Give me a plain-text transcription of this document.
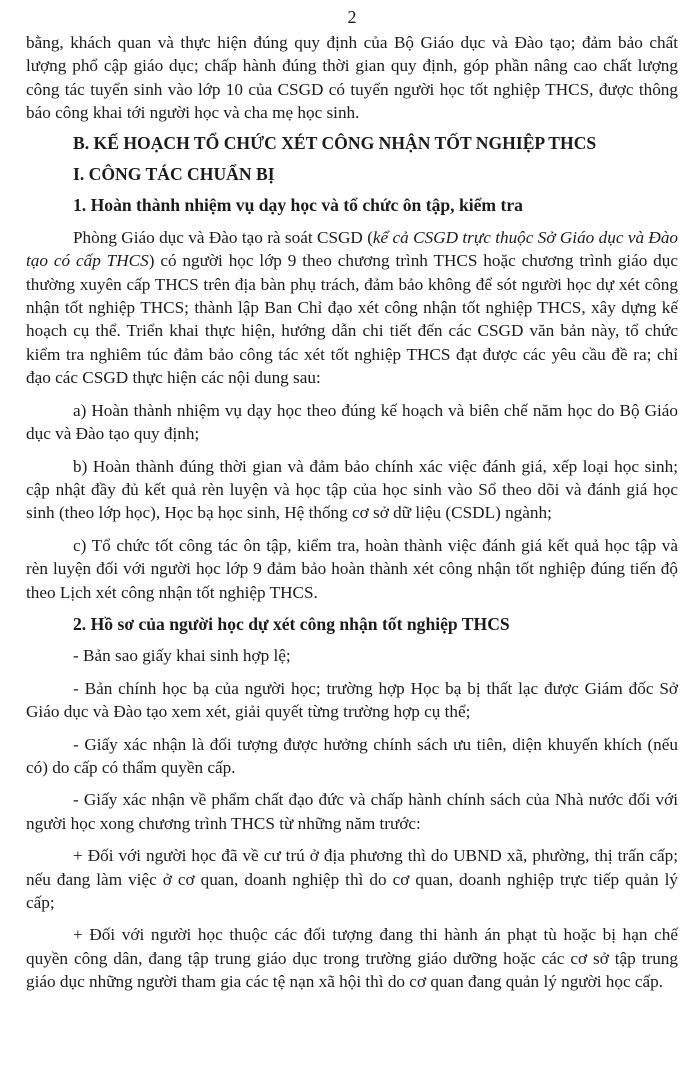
2

bằng, khách quan và thực hiện đúng quy định của Bộ Giáo dục và Đào tạo; đảm bảo chất lượng phổ cập giáo dục; chấp hành đúng thời gian quy định, góp phần nâng cao chất lượng công tác tuyển sinh vào lớp 10 của CSGD có tuyển người học tốt nghiệp THCS, được thông báo công khai tới người học và cha mẹ học sinh.

B. KẾ HOẠCH TỔ CHỨC XÉT CÔNG NHẬN TỐT NGHIỆP THCS

I. CÔNG TÁC CHUẨN BỊ

1. Hoàn thành nhiệm vụ dạy học và tổ chức ôn tập, kiểm tra

Phòng Giáo dục và Đào tạo rà soát CSGD (kể cả CSGD trực thuộc Sở Giáo dục và Đào tạo có cấp THCS) có người học lớp 9 theo chương trình THCS hoặc chương trình giáo dục thường xuyên cấp THCS trên địa bàn phụ trách, đảm bảo không để sót người học dự xét công nhận tốt nghiệp THCS; thành lập Ban Chỉ đạo xét công nhận tốt nghiệp THCS, xây dựng kế hoạch cụ thể. Triển khai thực hiện, hướng dẫn chi tiết đến các CSGD văn bản này, tổ chức kiểm tra nghiêm túc đảm bảo công tác xét tốt nghiệp THCS đạt được các yêu cầu đề ra; chỉ đạo các CSGD thực hiện các nội dung sau:

a) Hoàn thành nhiệm vụ dạy học theo đúng kế hoạch và biên chế năm học do Bộ Giáo dục và Đào tạo quy định;

b) Hoàn thành đúng thời gian và đảm bảo chính xác việc đánh giá, xếp loại học sinh; cập nhật đầy đủ kết quả rèn luyện và học tập của học sinh vào Sổ theo dõi và đánh giá học sinh (theo lớp học), Học bạ học sinh, Hệ thống cơ sở dữ liệu (CSDL) ngành;

c) Tổ chức tốt công tác ôn tập, kiểm tra, hoàn thành việc đánh giá kết quả học tập và rèn luyện đối với người học lớp 9 đảm bảo hoàn thành xét công nhận tốt nghiệp đúng tiến độ theo Lịch xét công nhận tốt nghiệp THCS.

2. Hồ sơ của người học dự xét công nhận tốt nghiệp THCS

- Bản sao giấy khai sinh hợp lệ;

- Bản chính học bạ của người học; trường hợp Học bạ bị thất lạc được Giám đốc Sở Giáo dục và Đào tạo xem xét, giải quyết từng trường hợp cụ thể;

- Giấy xác nhận là đối tượng được hưởng chính sách ưu tiên, diện khuyến khích (nếu có) do cấp có thẩm quyền cấp.

- Giấy xác nhận về phẩm chất đạo đức và chấp hành chính sách của Nhà nước đối với người học xong chương trình THCS từ những năm trước:

+ Đối với người học đã về cư trú ở địa phương thì do UBND xã, phường, thị trấn cấp; nếu đang làm việc ở cơ quan, doanh nghiệp thì do cơ quan, doanh nghiệp trực tiếp quản lý cấp;

+ Đối với người học thuộc các đối tượng đang thi hành án phạt tù hoặc bị hạn chế quyền công dân, đang tập trung giáo dục trong trường giáo dưỡng hoặc các cơ sở tập trung giáo dục những người tham gia các tệ nạn xã hội thì do cơ quan đang quản lý người học cấp.
